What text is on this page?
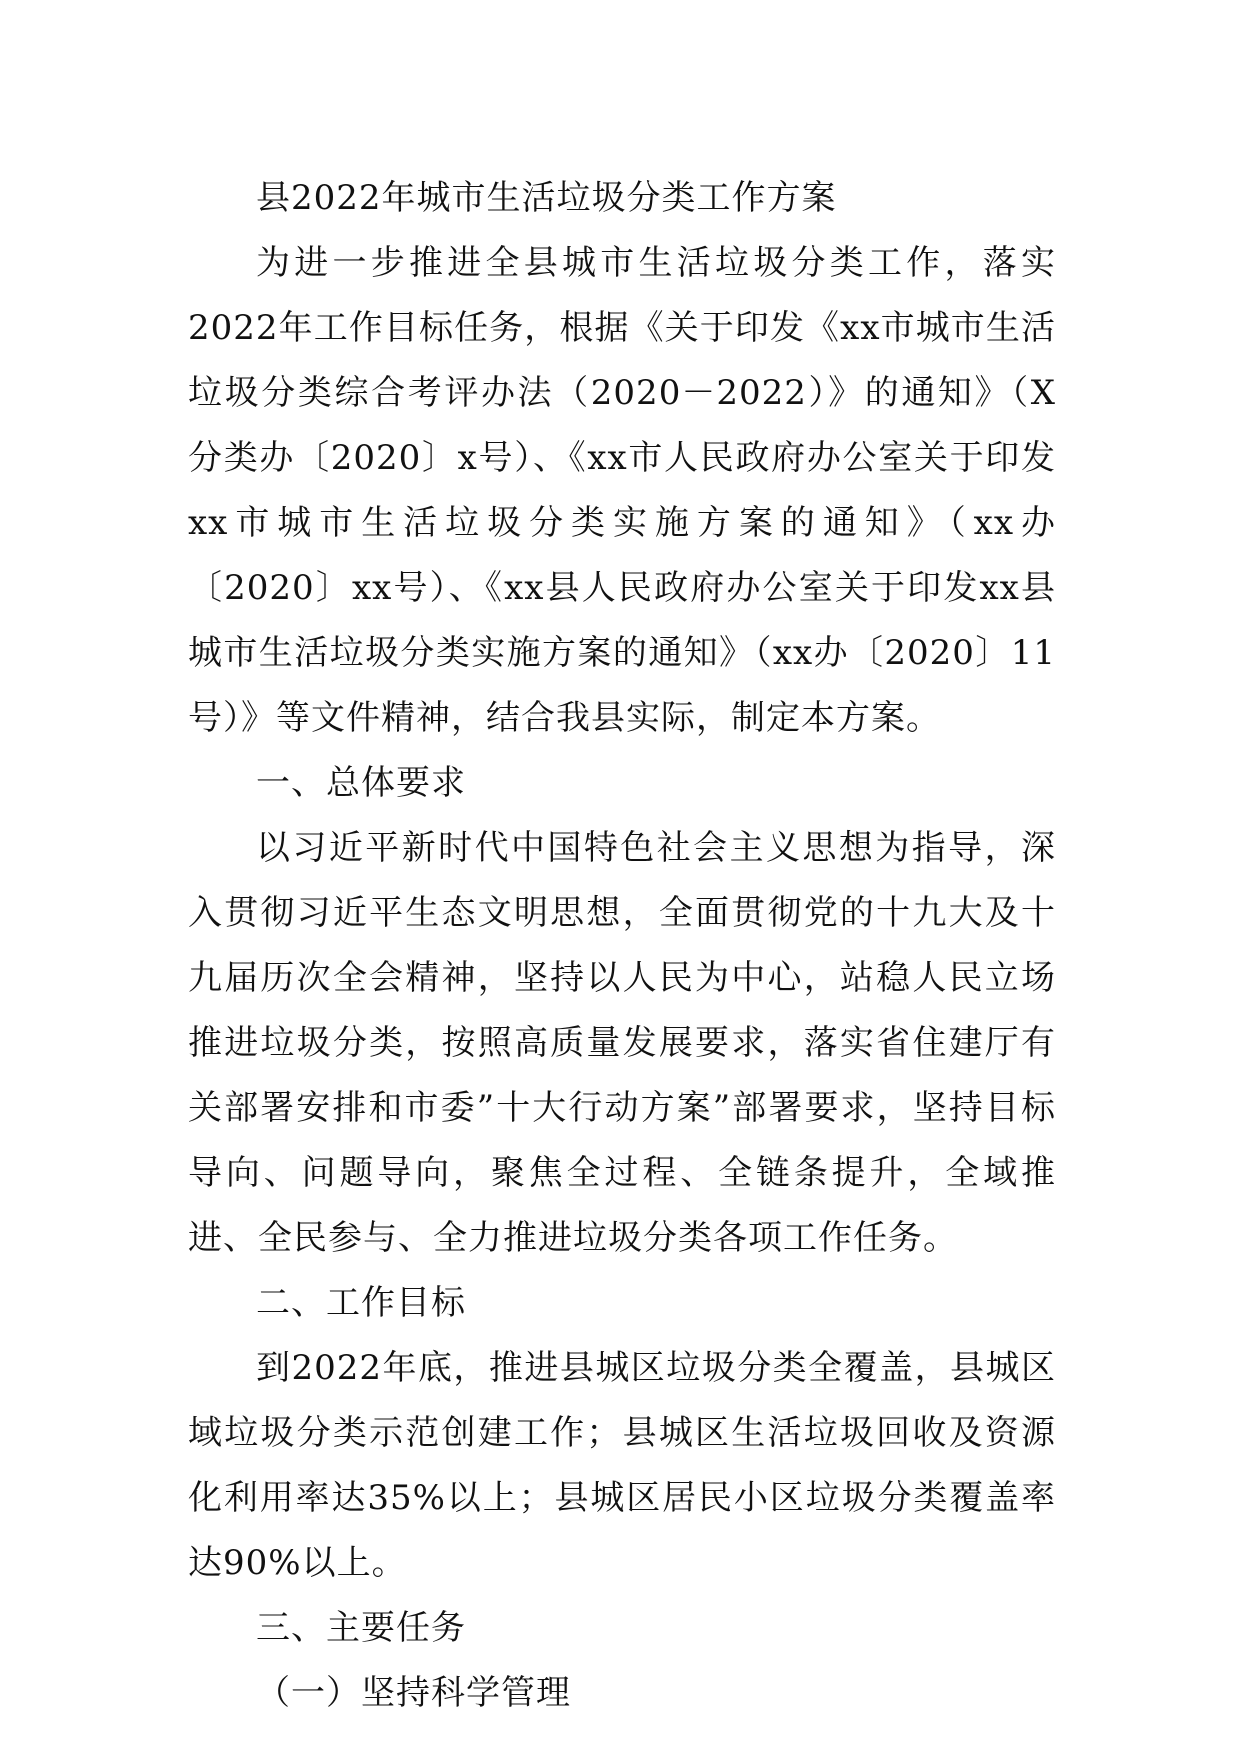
县2022年城市生活垃圾分类工作方案

为进一步推进全县城市生活垃圾分类工作，落实2022年工作目标任务，根据《关于印发《xx市城市生活垃圾分类综合考评办法（2020－2022）》的通知》（X分类办〔2020〕x号）、《xx市人民政府办公室关于印发xx市城市生活垃圾分类实施方案的通知》（xx办〔2020〕xx号）、《xx县人民政府办公室关于印发xx县城市生活垃圾分类实施方案的通知》（xx办〔2020〕11号）》等文件精神，结合我县实际，制定本方案。

一、总体要求

以习近平新时代中国特色社会主义思想为指导，深入贯彻习近平生态文明思想，全面贯彻党的十九大及十九届历次全会精神，坚持以人民为中心，站稳人民立场推进垃圾分类，按照高质量发展要求，落实省住建厅有关部署安排和市委”十大行动方案”部署要求，坚持目标导向、问题导向，聚焦全过程、全链条提升，全域推进、全民参与、全力推进垃圾分类各项工作任务。

二、工作目标

到2022年底，推进县城区垃圾分类全覆盖，县城区域垃圾分类示范创建工作；县城区生活垃圾回收及资源化利用率达35%以上；县城区居民小区垃圾分类覆盖率达90%以上。

三、主要任务

（一）坚持科学管理
